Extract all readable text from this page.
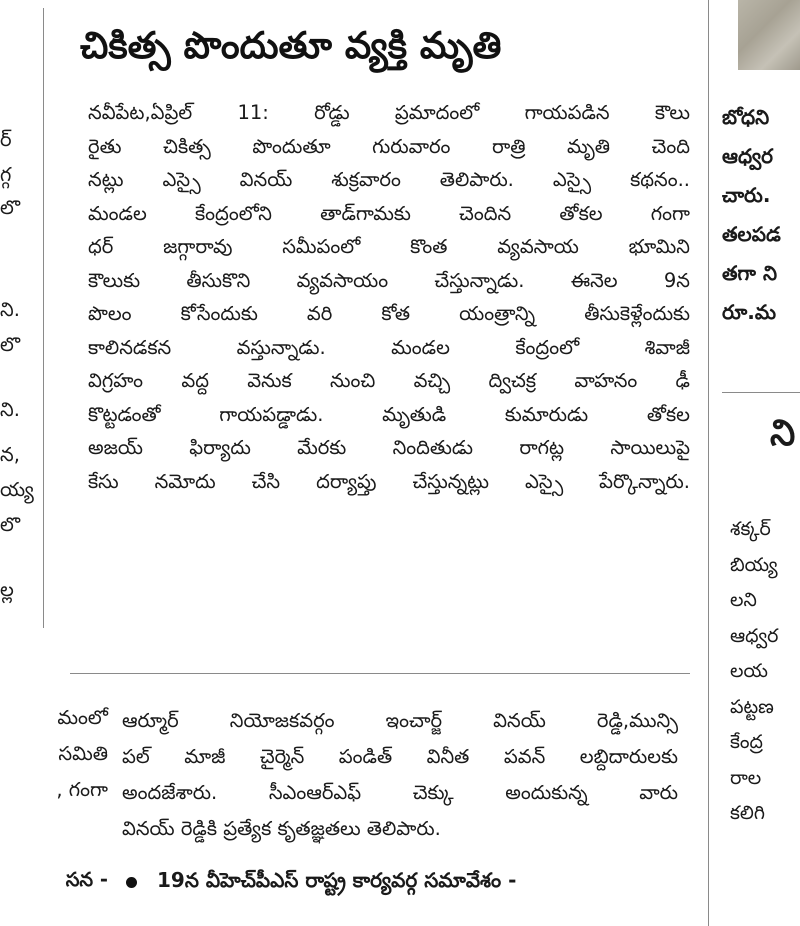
ర్
గ్గ
లొ
ని.
లొ
ని.
న,
య్య
లొ
ల్ల
చికిత్స పొందుతూ వ్యక్తి మృతి
నవీపేట,ఏప్రిల్ 11: రోడ్డు ప్రమాదంలో గాయపడిన కౌలు
రైతు చికిత్స పొందుతూ గురువారం రాత్రి మృతి చెంది
నట్లు ఎస్సై వినయ్ శుక్రవారం తెలిపారు. ఎస్సై కథనం..
మండల కేంద్రంలోని తాడ్‌గామకు చెందిన తోకల గంగా
ధర్ జగ్గారావు సమీపంలో కొంత వ్యవసాయ భూమిని
కౌలుకు తీసుకొని వ్యవసాయం చేస్తున్నాడు. ఈనెల 9న
పొలం కోసేందుకు వరి కోత యంత్రాన్ని తీసుకెళ్లేందుకు
కాలినడకన వస్తున్నాడు. మండల కేంద్రంలో శివాజీ
విగ్రహం వద్ద వెనుక నుంచి వచ్చి ద్విచక్ర వాహనం ఢీ
కొట్టడంతో గాయపడ్డాడు. మృతుడి కుమారుడు తోకల
అజయ్ ఫిర్యాదు మేరకు నిందితుడు రాగట్ల సాయిలుపై
కేసు నమోదు చేసి దర్యాప్తు చేస్తున్నట్లు ఎస్సై పేర్కొన్నారు.
బోధని
ఆధ్వర
చారు.
తలపడ
తగా ని
రూ.మ
ని
శక్కర్
బియ్య
లని
ఆధ్వర
లయ
పట్టణ
కేంద్ర
రాల
కలిగి
మంలో
సమితి
, గంగా
సన -
ఆర్మూర్ నియోజకవర్గం ఇంచార్జ్ వినయ్ రెడ్డి,మున్సి
పల్ మాజీ చైర్మెన్ పండిత్ వినీత పవన్ లబ్దిదారులకు
అందజేశారు. సీఎంఆర్ఎఫ్ చెక్కు అందుకున్న వారు
వినయ్ రెడ్డికి ప్రత్యేక కృతజ్ఞతలు తెలిపారు.
19న వీహెచ్‌పీఎస్ రాష్ట్ర కార్యవర్గ సమావేశం -
